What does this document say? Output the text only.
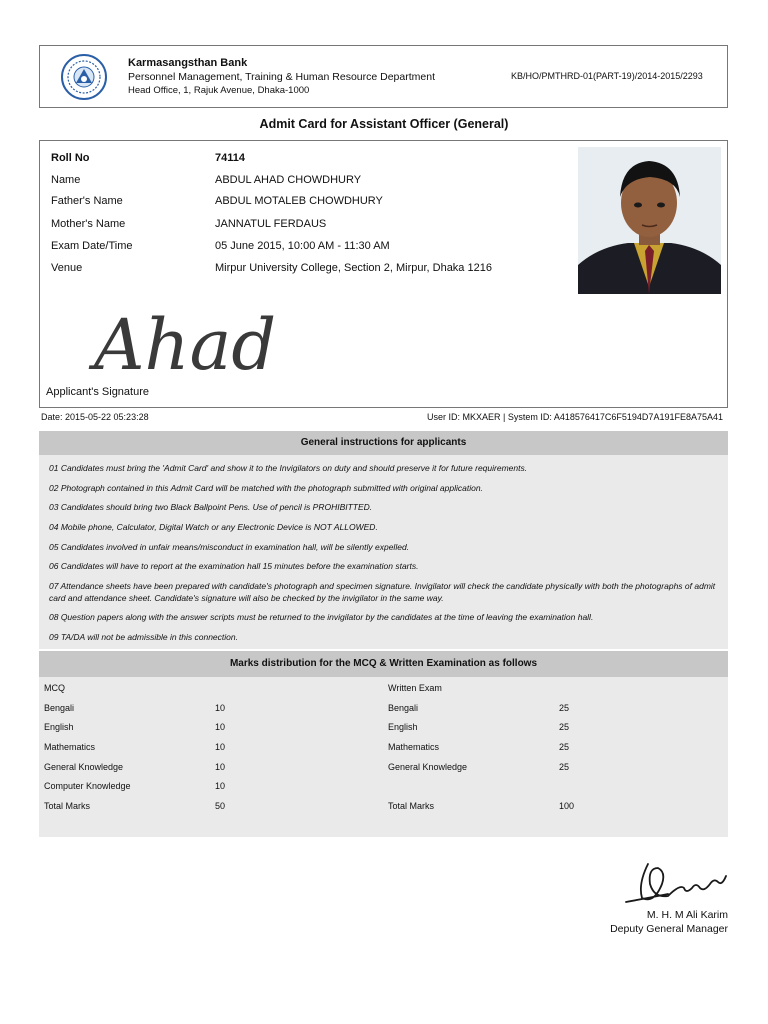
Karmasangsthan Bank
Personnel Management, Training & Human Resource Department
Head Office, 1, Rajuk Avenue, Dhaka-1000
KB/HO/PMTHRD-01(PART-19)/2014-2015/2293
Admit Card for Assistant Officer (General)
Roll No	74114
Name	ABDUL AHAD CHOWDHURY
Father's Name	ABDUL MOTALEB CHOWDHURY
Mother's Name	JANNATUL FERDAUS
Exam Date/Time	05 June 2015, 10:00 AM - 11:30 AM
Venue	Mirpur University College, Section 2, Mirpur, Dhaka 1216
Ahad
Applicant's Signature
Date: 2015-05-22 05:23:28	User ID: MKXAER | System ID: A418576417C6F5194D7A191FE8A75A41
General instructions for applicants
01 Candidates must bring the 'Admit Card' and show it to the Invigilators on duty and should preserve it for future requirements.
02 Photograph contained in this Admit Card will be matched with the photograph submitted with original application.
03 Candidates should bring two Black Ballpoint Pens. Use of pencil is PROHIBITTED.
04 Mobile phone, Calculator, Digital Watch or any Electronic Device is NOT ALLOWED.
05 Candidates involved in unfair means/misconduct in examination hall, will be silently expelled.
06 Candidates will have to report at the examination hall 15 minutes before the examination starts.
07 Attendance sheets have been prepared with candidate's photograph and specimen signature. Invigilator will check the candidate physically with both the photographs of admit card and attendance sheet. Candidate's signature will also be checked by the invigilator in the same way.
08 Question papers along with the answer scripts must be returned to the invigilator by the candidates at the time of leaving the examination hall.
09 TA/DA will not be admissible in this connection.
Marks distribution for the MCQ & Written Examination as follows
MCQ
Bengali	10
English	10
Mathematics	10
General Knowledge	10
Computer Knowledge	10
Total Marks	50
Written Exam
Bengali	25
English	25
Mathematics	25
General Knowledge	25
Total Marks	100
M. H. M Ali Karim
Deputy General Manager
